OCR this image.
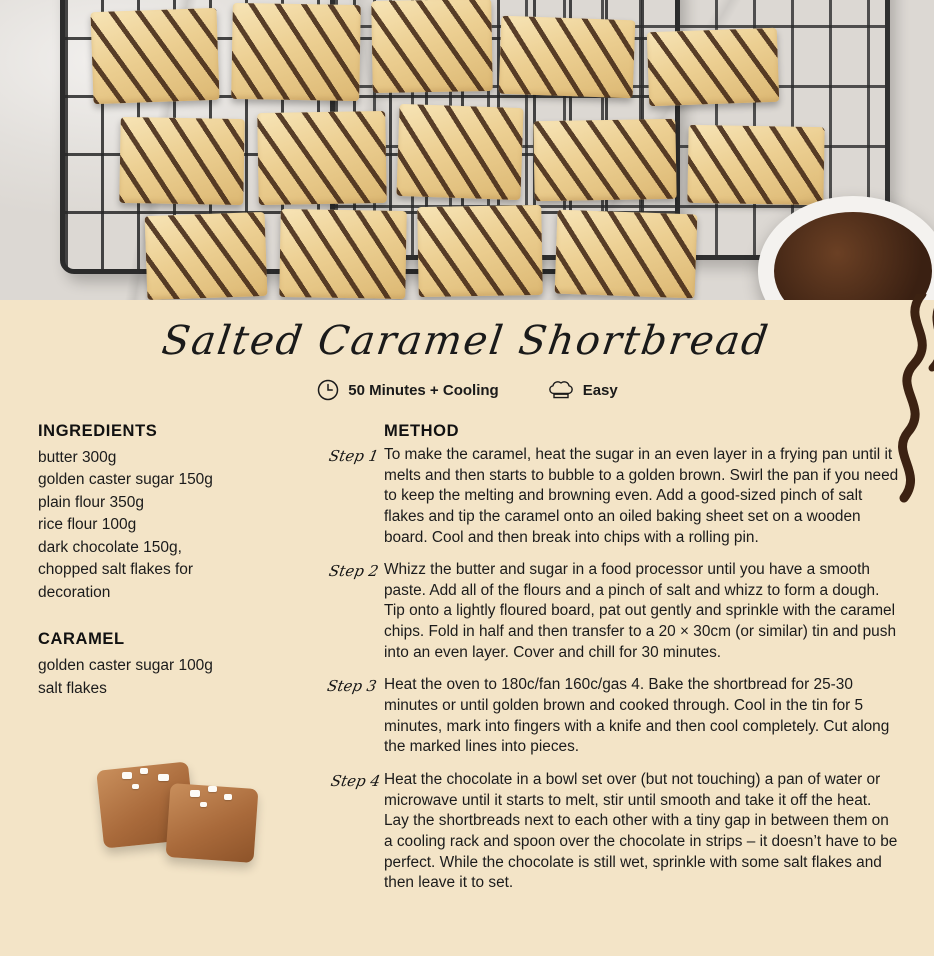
Salted Caramel Shortbread
50 Minutes + Cooling	Easy
INGREDIENTS
butter 300g
golden caster sugar 150g
plain flour 350g
rice flour 100g
dark chocolate 150g,
chopped salt flakes for
decoration
CARAMEL
golden caster sugar 100g
salt flakes
METHOD
Step 1 To make the caramel, heat the sugar in an even layer in a frying pan until it melts and then starts to bubble to a golden brown. Swirl the pan if you need to keep the melting and browning even. Add a good-sized pinch of salt flakes and tip the caramel onto an oiled baking sheet set on a wooden board. Cool and then break into chips with a rolling pin.
Step 2 Whizz the butter and sugar in a food processor until you have a smooth paste. Add all of the flours and a pinch of salt and whizz to form a dough. Tip onto a lightly floured board, pat out gently and sprinkle with the caramel chips. Fold in half and then transfer to a 20 × 30cm (or similar) tin and push into an even layer. Cover and chill for 30 minutes.
Step 3 Heat the oven to 180c/fan 160c/gas 4. Bake the shortbread for 25-30 minutes or until golden brown and cooked through. Cool in the tin for 5 minutes, mark into fingers with a knife and then cool completely. Cut along the marked lines into pieces.
Step 4 Heat the chocolate in a bowl set over (but not touching) a pan of water or microwave until it starts to melt, stir until smooth and take it off the heat. Lay the shortbreads next to each other with a tiny gap in between them on a cooling rack and spoon over the chocolate in strips – it doesn’t have to be perfect. While the chocolate is still wet, sprinkle with some salt flakes and then leave it to set.
